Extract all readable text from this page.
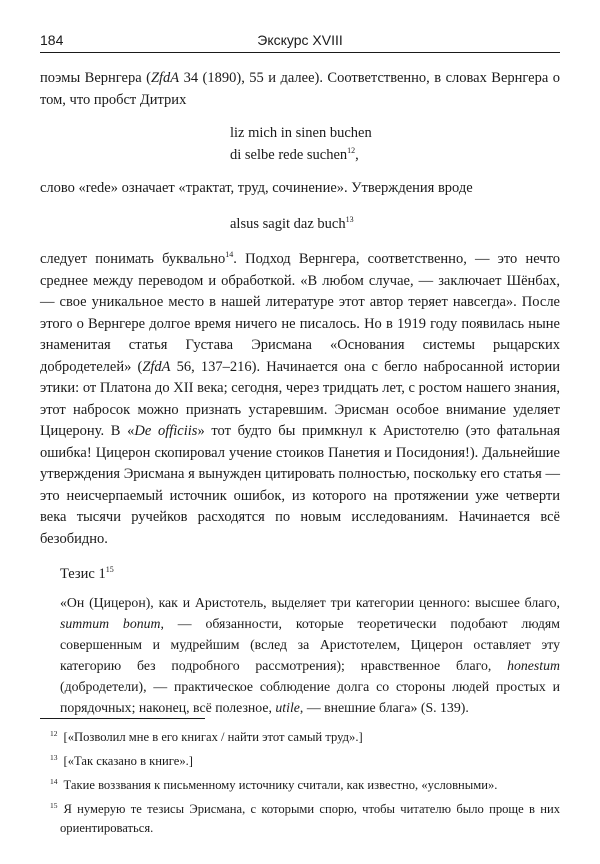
184	Экскурс XVIII

поэмы Вернгера (ZfdA 34 (1890), 55 и далее). Соответственно, в словах Вернгера о том, что пробст Дитрих

liz mich in sinen buchen
di selbe rede suchen$^{12}$,

слово «rede» означает «трактат, труд, сочинение». Утверждения вроде

alsus sagit daz buch$^{13}$

следует понимать буквально$^{14}$. Подход Вернгера, соответственно, — это нечто среднее между переводом и обработкой. «В любом случае, — заключает Шёнбах, — свое уникальное место в нашей литературе этот автор теряет навсегда». После этого о Вернгере долгое время ничего не писалось. Но в 1919 году появилась ныне знаменитая статья Густава Эрисмана «Основания системы рыцарских добродетелей» (ZfdA 56, 137–216). Начинается она с бегло набросанной истории этики: от Платона до XII века; сегодня, через тридцать лет, с ростом нашего знания, этот набросок можно признать устаревшим. Эрисман особое внимание уделяет Цицерону. В «De officiis» тот будто бы примкнул к Аристотелю (это фатальная ошибка! Цицерон скопировал учение стоиков Панетия и Посидония!). Дальнейшие утверждения Эрисмана я вынужден цитировать полностью, поскольку его статья — это неисчерпаемый источник ошибок, из которого на протяжении уже четверти века тысячи ручейков расходятся по новым исследованиям. Начинается всё безобидно.

Тезис $1^{15}$

«Он (Цицерон), как и Аристотель, выделяет три категории ценного: высшее благо, summum bonum, — обязанности, которые теоретически подобают людям совершенным и мудрейшим (вслед за Аристотелем, Цицерон оставляет эту категорию без подробного рассмотрения); нравственное благо, honestum (добродетели), — практическое соблюдение долга со стороны людей простых и порядочных; наконец, всё полезное, utile, — внешние блага» (S. 139).

$^{12}$ [«Позволил мне в его книгах / найти этот самый труд».]

$^{13}$ [«Так сказано в книге».]

$^{14}$ Такие воззвания к письменному источнику считали, как известно, «условными».

$^{15}$ Я нумерую те тезисы Эрисмана, с которыми спорю, чтобы читателю было проще в них ориентироваться.
